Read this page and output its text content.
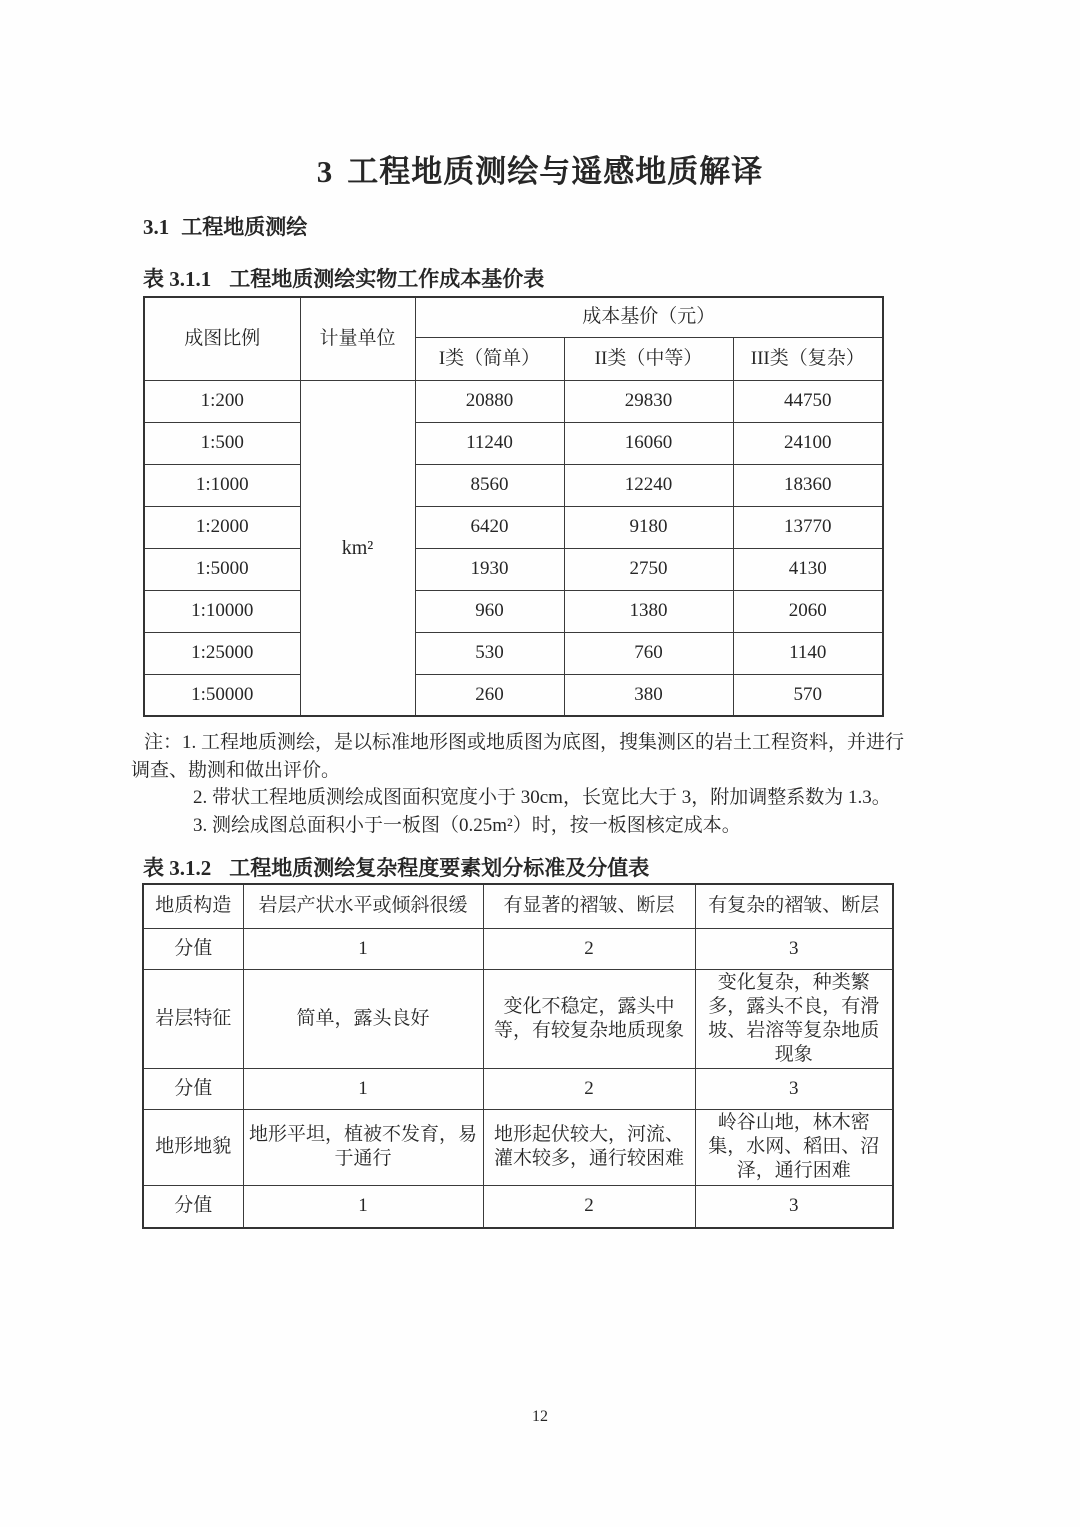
3 工程地质测绘与遥感地质解译
3.1 工程地质测绘
表 3.1.1 工程地质测绘实物工作成本基价表
成图比例	计量单位	成本基价（元）		
		I类（简单）	II类（中等）	III类（复杂）
1:200	km²	20880	29830	44750
1:500		11240	16060	24100
1:1000		8560	12240	18360
1:2000		6420	9180	13770
1:5000		1930	2750	4130
1:10000		960	1380	2060
1:25000		530	760	1140
1:50000		260	380	570
注：1. 工程地质测绘，是以标准地形图或地质图为底图，搜集测区的岩土工程资料，并进行
调查、勘测和做出评价。
2. 带状工程地质测绘成图面积宽度小于 30cm，长宽比大于 3，附加调整系数为 1.3。
3. 测绘成图总面积小于一板图（0.25m²）时，按一板图核定成本。
表 3.1.2 工程地质测绘复杂程度要素划分标准及分值表
地质构造	岩层产状水平或倾斜很缓	有显著的褶皱、断层	有复杂的褶皱、断层
分值	1	2	3
岩层特征	简单，露头良好	变化不稳定，露头中等，有较复杂地质现象	变化复杂，种类繁多，露头不良，有滑坡、岩溶等复杂地质现象
分值	1	2	3
地形地貌	地形平坦，植被不发育，易于通行	地形起伏较大，河流、灌木较多，通行较困难	岭谷山地，林木密集，水网、稻田、沼泽，通行困难
分值	1	2	3
12
